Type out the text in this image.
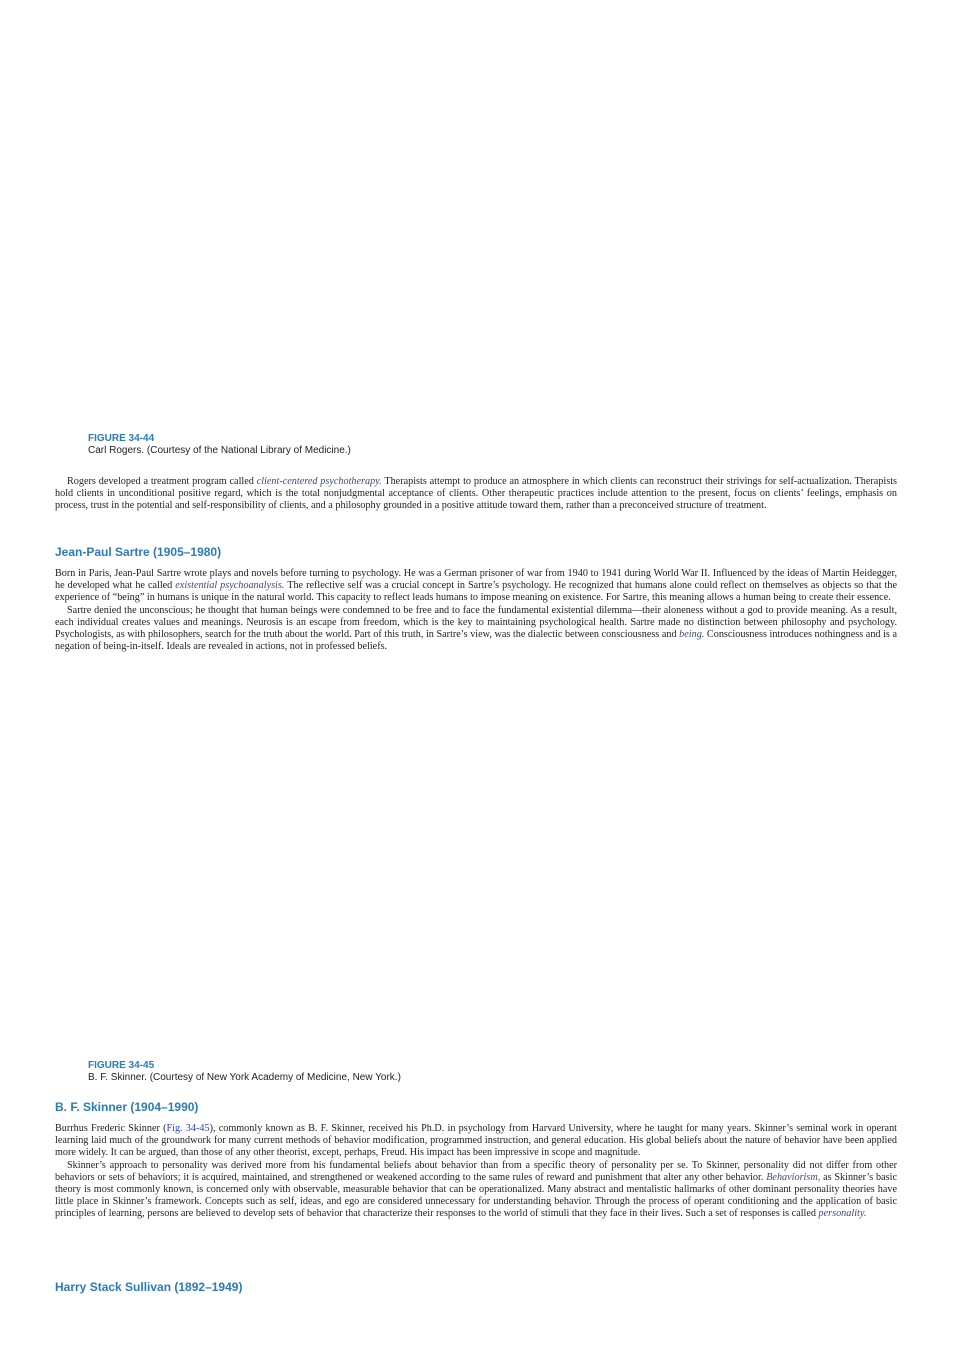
FIGURE 34-44
Carl Rogers. (Courtesy of the National Library of Medicine.)

Rogers developed a treatment program called client-centered psychotherapy. Therapists attempt to produce an atmosphere in which clients can reconstruct their strivings for self-actualization. Therapists hold clients in unconditional positive regard, which is the total nonjudgmental acceptance of clients. Other therapeutic practices include attention to the present, focus on clients’ feelings, emphasis on process, trust in the potential and self-responsibility of clients, and a philosophy grounded in a positive attitude toward them, rather than a preconceived structure of treatment.

Jean-Paul Sartre (1905–1980)

Born in Paris, Jean-Paul Sartre wrote plays and novels before turning to psychology. He was a German prisoner of war from 1940 to 1941 during World War II. Influenced by the ideas of Martin Heidegger, he developed what he called existential psychoanalysis. The reflective self was a crucial concept in Sartre’s psychology. He recognized that humans alone could reflect on themselves as objects so that the experience of “being” in humans is unique in the natural world. This capacity to reflect leads humans to impose meaning on existence. For Sartre, this meaning allows a human being to create their essence.

Sartre denied the unconscious; he thought that human beings were condemned to be free and to face the fundamental existential dilemma—their aloneness without a god to provide meaning. As a result, each individual creates values and meanings. Neurosis is an escape from freedom, which is the key to maintaining psychological health. Sartre made no distinction between philosophy and psychology. Psychologists, as with philosophers, search for the truth about the world. Part of this truth, in Sartre’s view, was the dialectic between consciousness and being. Consciousness introduces nothingness and is a negation of being-in-itself. Ideals are revealed in actions, not in professed beliefs.

FIGURE 34-45
B. F. Skinner. (Courtesy of New York Academy of Medicine, New York.)
B. F. Skinner (1904–1990)

Burrhus Frederic Skinner (Fig. 34-45), commonly known as B. F. Skinner, received his Ph.D. in psychology from Harvard University, where he taught for many years. Skinner’s seminal work in operant learning laid much of the groundwork for many current methods of behavior modification, programmed instruction, and general education. His global beliefs about the nature of behavior have been applied more widely. It can be argued, than those of any other theorist, except, perhaps, Freud. His impact has been impressive in scope and magnitude.

Skinner’s approach to personality was derived more from his fundamental beliefs about behavior than from a specific theory of personality per se. To Skinner, personality did not differ from other behaviors or sets of behaviors; it is acquired, maintained, and strengthened or weakened according to the same rules of reward and punishment that alter any other behavior. Behaviorism, as Skinner’s basic theory is most commonly known, is concerned only with observable, measurable behavior that can be operationalized. Many abstract and mentalistic hallmarks of other dominant personality theories have little place in Skinner’s framework. Concepts such as self, ideas, and ego are considered unnecessary for understanding behavior. Through the process of operant conditioning and the application of basic principles of learning, persons are believed to develop sets of behavior that characterize their responses to the world of stimuli that they face in their lives. Such a set of responses is called personality.

Harry Stack Sullivan (1892–1949)
